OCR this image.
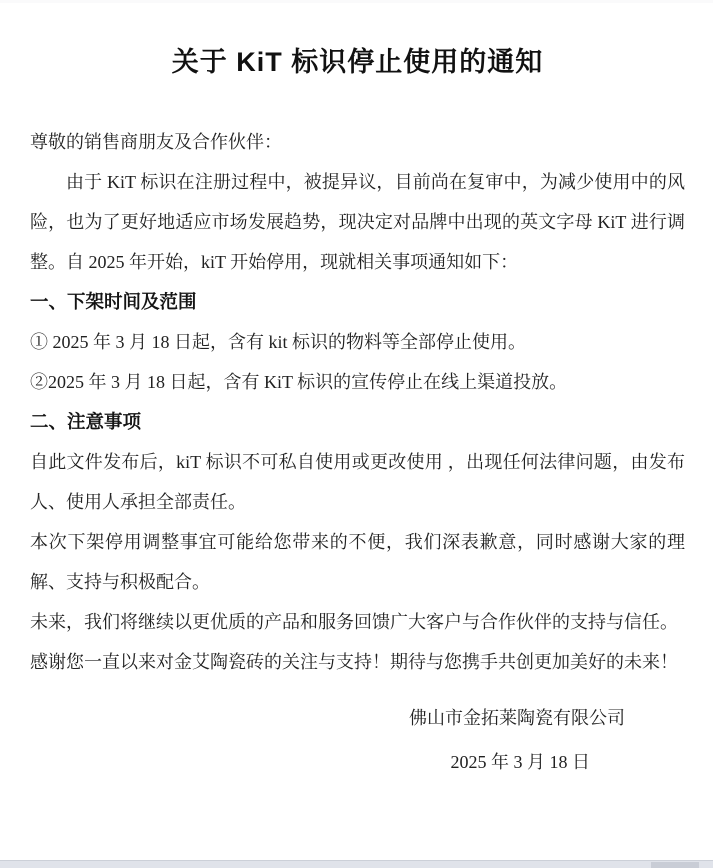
关于 KiT 标识停止使用的通知
尊敬的销售商朋友及合作伙伴：

由于 KiT 标识在注册过程中，被提异议，目前尚在复审中，为减少使用中的风险，也为了更好地适应市场发展趋势，现决定对品牌中出现的英文字母 KiT 进行调整。自 2025 年开始，kiT 开始停用，现就相关事项通知如下：

一、下架时间及范围

① 2025 年 3 月 18 日起，含有 kit 标识的物料等全部停止使用。

②2025 年 3 月 18 日起，含有 KiT 标识的宣传停止在线上渠道投放。

二、注意事项

自此文件发布后，kiT 标识不可私自使用或更改使用 ，出现任何法律问题，由发布人、使用人承担全部责任。

本次下架停用调整事宜可能给您带来的不便，我们深表歉意，同时感谢大家的理解、支持与积极配合。

未来，我们将继续以更优质的产品和服务回馈广大客户与合作伙伴的支持与信任。

感谢您一直以来对金艾陶瓷砖的关注与支持！期待与您携手共创更加美好的未来！

佛山市金拓莱陶瓷有限公司
2025 年 3 月 18 日
